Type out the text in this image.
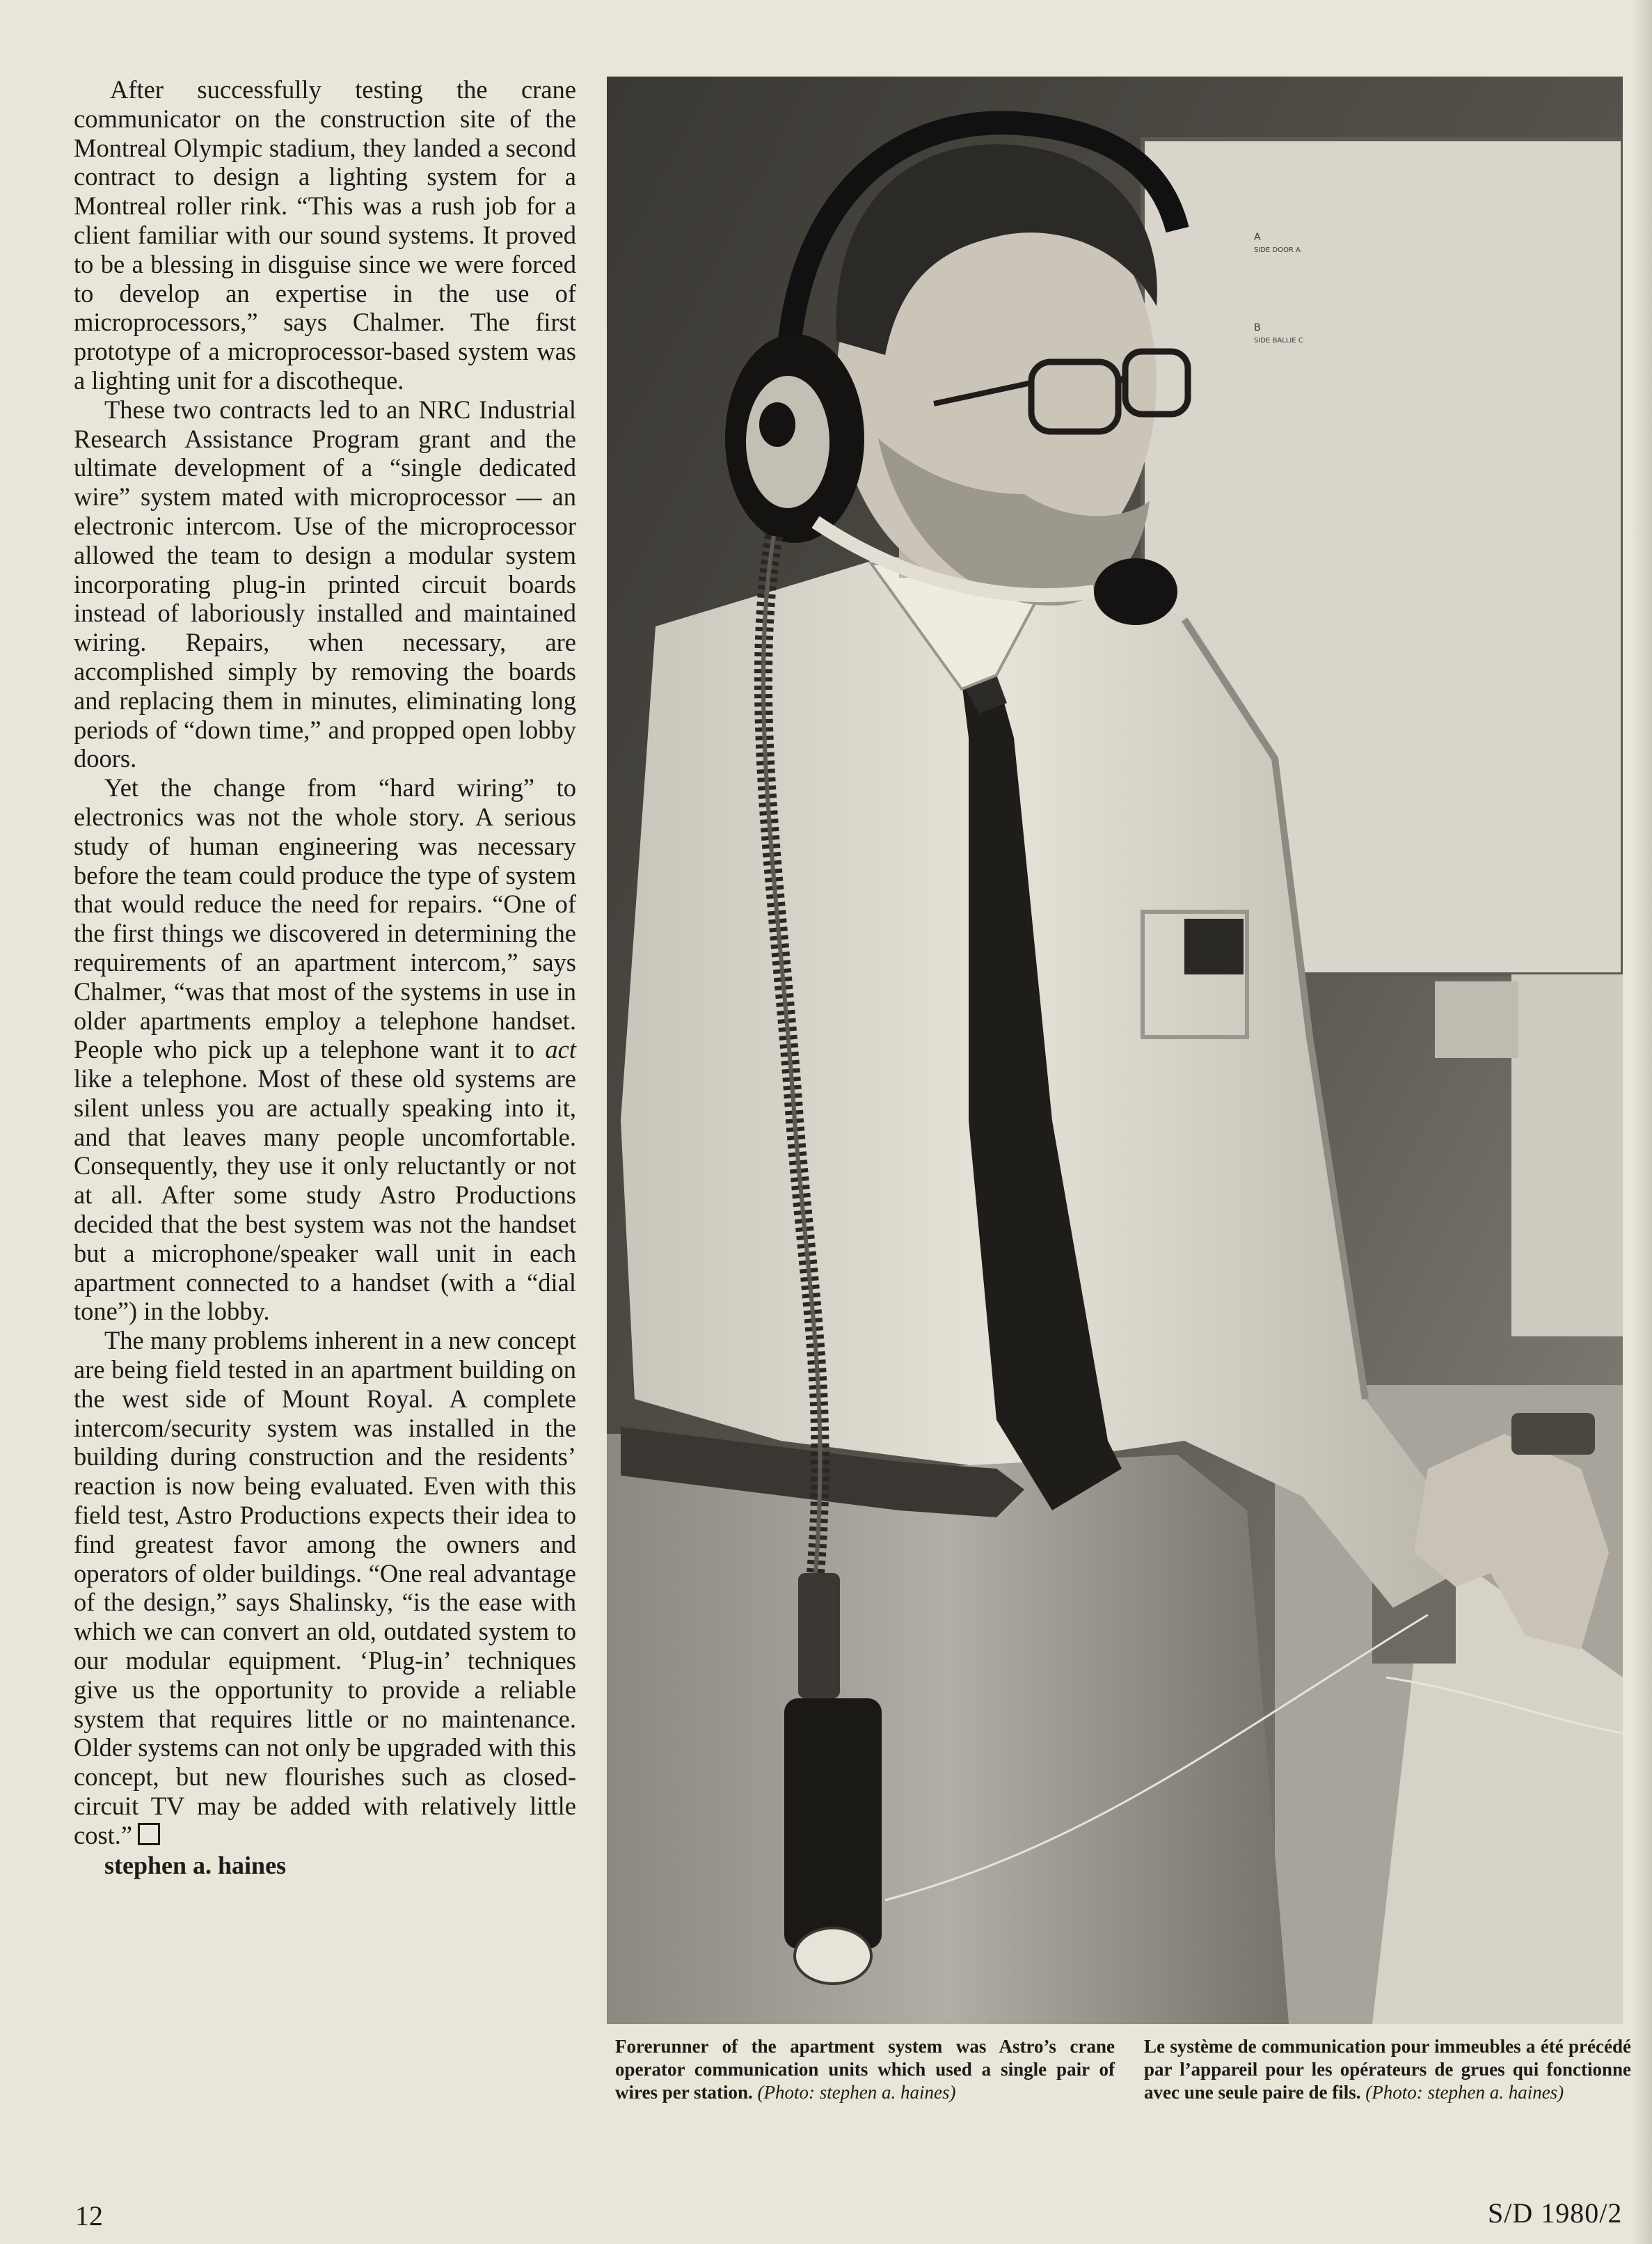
After successfully testing the crane communicator on the construction site of the Montreal Olympic stadium, they landed a second contract to design a lighting system for a Montreal roller rink. “This was a rush job for a client familiar with our sound systems. It proved to be a blessing in disguise since we were forced to develop an expertise in the use of microprocessors,” says Chalmer. The first prototype of a microprocessor-based system was a lighting unit for a discotheque.

These two contracts led to an NRC Industrial Research Assistance Program grant and the ultimate development of a “single dedicated wire” system mated with microprocessor — an electronic intercom. Use of the microprocessor allowed the team to design a modular system incorporating plug-in printed circuit boards instead of laboriously installed and maintained wiring. Repairs, when necessary, are accomplished simply by removing the boards and replacing them in minutes, eliminating long periods of “down time,” and propped open lobby doors.

Yet the change from “hard wiring” to electronics was not the whole story. A serious study of human engineering was necessary before the team could produce the type of system that would reduce the need for repairs. “One of the first things we discovered in determining the requirements of an apartment intercom,” says Chalmer, “was that most of the systems in use in older apartments employ a telephone handset. People who pick up a telephone want it to act like a telephone. Most of these old systems are silent unless you are actually speaking into it, and that leaves many people uncomfortable. Consequently, they use it only reluctantly or not at all. After some study Astro Productions decided that the best system was not the handset but a microphone/speaker wall unit in each apartment connected to a handset (with a “dial tone”) in the lobby.

The many problems inherent in a new concept are being field tested in an apartment building on the west side of Mount Royal. A complete intercom/security system was installed in the building during construction and the residents’ reaction is now being evaluated. Even with this field test, Astro Productions expects their idea to find greatest favor among the owners and operators of older buildings. “One real advantage of the design,” says Shalinsky, “is the ease with which we can convert an old, outdated system to our modular equipment. ‘Plug-in’ techniques give us the opportunity to provide a reliable system that requires little or no maintenance. Older systems can not only be upgraded with this concept, but new flourishes such as closed-circuit TV may be added with relatively little cost.”

stephen a. haines

A
SIDE DOOR A
B
SIDE BALLIE C
Forerunner of the apartment system was Astro’s crane operator communication units which used a single pair of wires per station. (Photo: stephen a. haines)
Le système de communication pour immeubles a été précédé par l’appareil pour les opérateurs de grues qui fonctionne avec une seule paire de fils. (Photo: stephen a. haines)
12	S/D 1980/2
